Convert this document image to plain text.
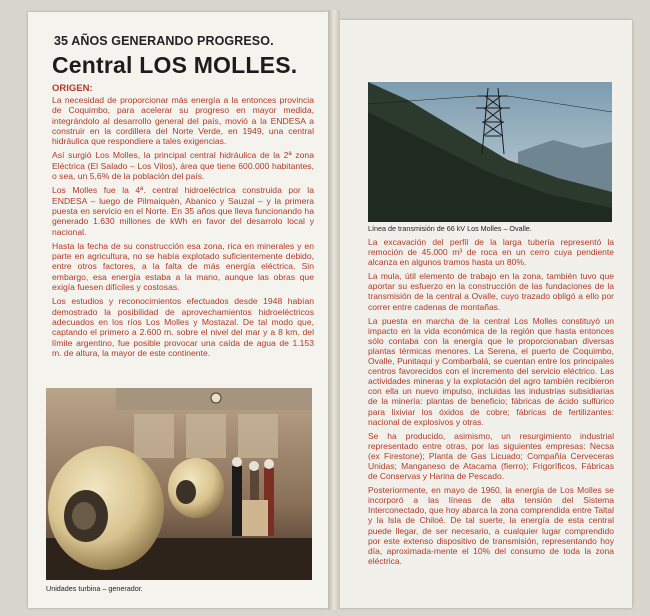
35 AÑOS GENERANDO PROGRESO.
Central LOS MOLLES.
ORIGEN:

La necesidad de proporcionar más energía a la entonces provincia de Coquimbo, para acelerar su progreso en mayor medida, integrándolo al desarrollo general del país, movió a la ENDESA a construir en la cordillera del Norte Verde, en 1949, una central hidráulica que respondiere a tales exigencias.

Así surgió Los Molles, la principal central hidráulica de la 2ª zona Eléctrica (El Salado – Los Vilos), área que tiene 600.000 habitantes, o sea, un 5,6% de la población del país.

Los Molles fue la 4ª. central hidroeléctrica construida por la ENDESA – luego de Pilmaiquén, Abanico y Sauzal – y la primera puesta en servicio en el Norte. En 35 años que lleva funcionando ha generado 1.630 millones de kWh en favor del desarrolo local y nacional.

Hasta la fecha de su construcción esa zona, rica en minerales y en parte en agricultura, no se había explotado suficientemente debido, entre otros factores, a la falta de más energía eléctrica. Sin embargo, esa energía estaba a la mano, aunque las obras que exigía fuesen difíciles y costosas.

Los estudios y reconocimientos efectuados desde 1948 habían demostrado la posibilidad de aprovechamientos hidroeléctricos adecuados en los ríos Los Molles y Mostazal. De tal modo que, captando el primero a 2.600 m. sobre el nivel del mar y a 8 km. del límite argentino, fue posible provocar una caída de agua de 1.153 m. de altura, la mayor de este continente.

Unidades turbina – generador.
Línea de transmisión de 66 kV Los Molles – Ovalle.

La excavación del perfil de la larga tubería representó la remoción de 45.000 m³ de roca en un cerro cuya pendiente alcanza en algunos tramos hasta un 80%.

La mula, útil elemento de trabajo en la zona, también tuvo que aportar su esfuerzo en la construcción de las fundaciones de la transmisión de la central a Ovalle, cuyo trazado obligó a ello por correr entre cadenas de montañas.

La puesta en marcha de la central Los Molles constituyó un impacto en la vida económica de la región que hasta entonces sólo contaba con la energía que le proporcionaban diversas plantas térmicas menores. La Serena, el puerto de Coquimbo, Ovalle, Punitaqui y Combarbalá, se cuentan entre los principales centros favorecidos con el incremento del servicio eléctrico. Las actividades mineras y la explotación del agro también recibieron con ella un nuevo impulso, incluidas las industrias subsidiarias de la minería: plantas de beneficio; fábricas de ácido sulfúrico para lixiviar los óxidos de cobre; fábricas de fertilizantes: nacional de explosivos y otras.

Se ha producido, asimismo, un resurgimiento industrial representado entre otras, por las siguientes empresas: Necsa (ex Firestone); Planta de Gas Licuado; Compañía Cerveceras Unidas; Manganeso de Atacama (fierro); Frigoríficos, Fábricas de Conservas y Harina de Pescado.

Posteriormente, en mayo de 1960, la energía de Los Molles se incorporó a las líneas de alta tensión del Sistema Interconectado, que hoy abarca la zona comprendida entre Taltal y la Isla de Chiloé. De tal suerte, la energía de esta central puede llegar, de ser necesario, a cualquier lugar comprendido por este extenso dispositivo de transmisión, representando hoy día, aproximada-mente el 10% del consumo de toda la zona eléctrica.
